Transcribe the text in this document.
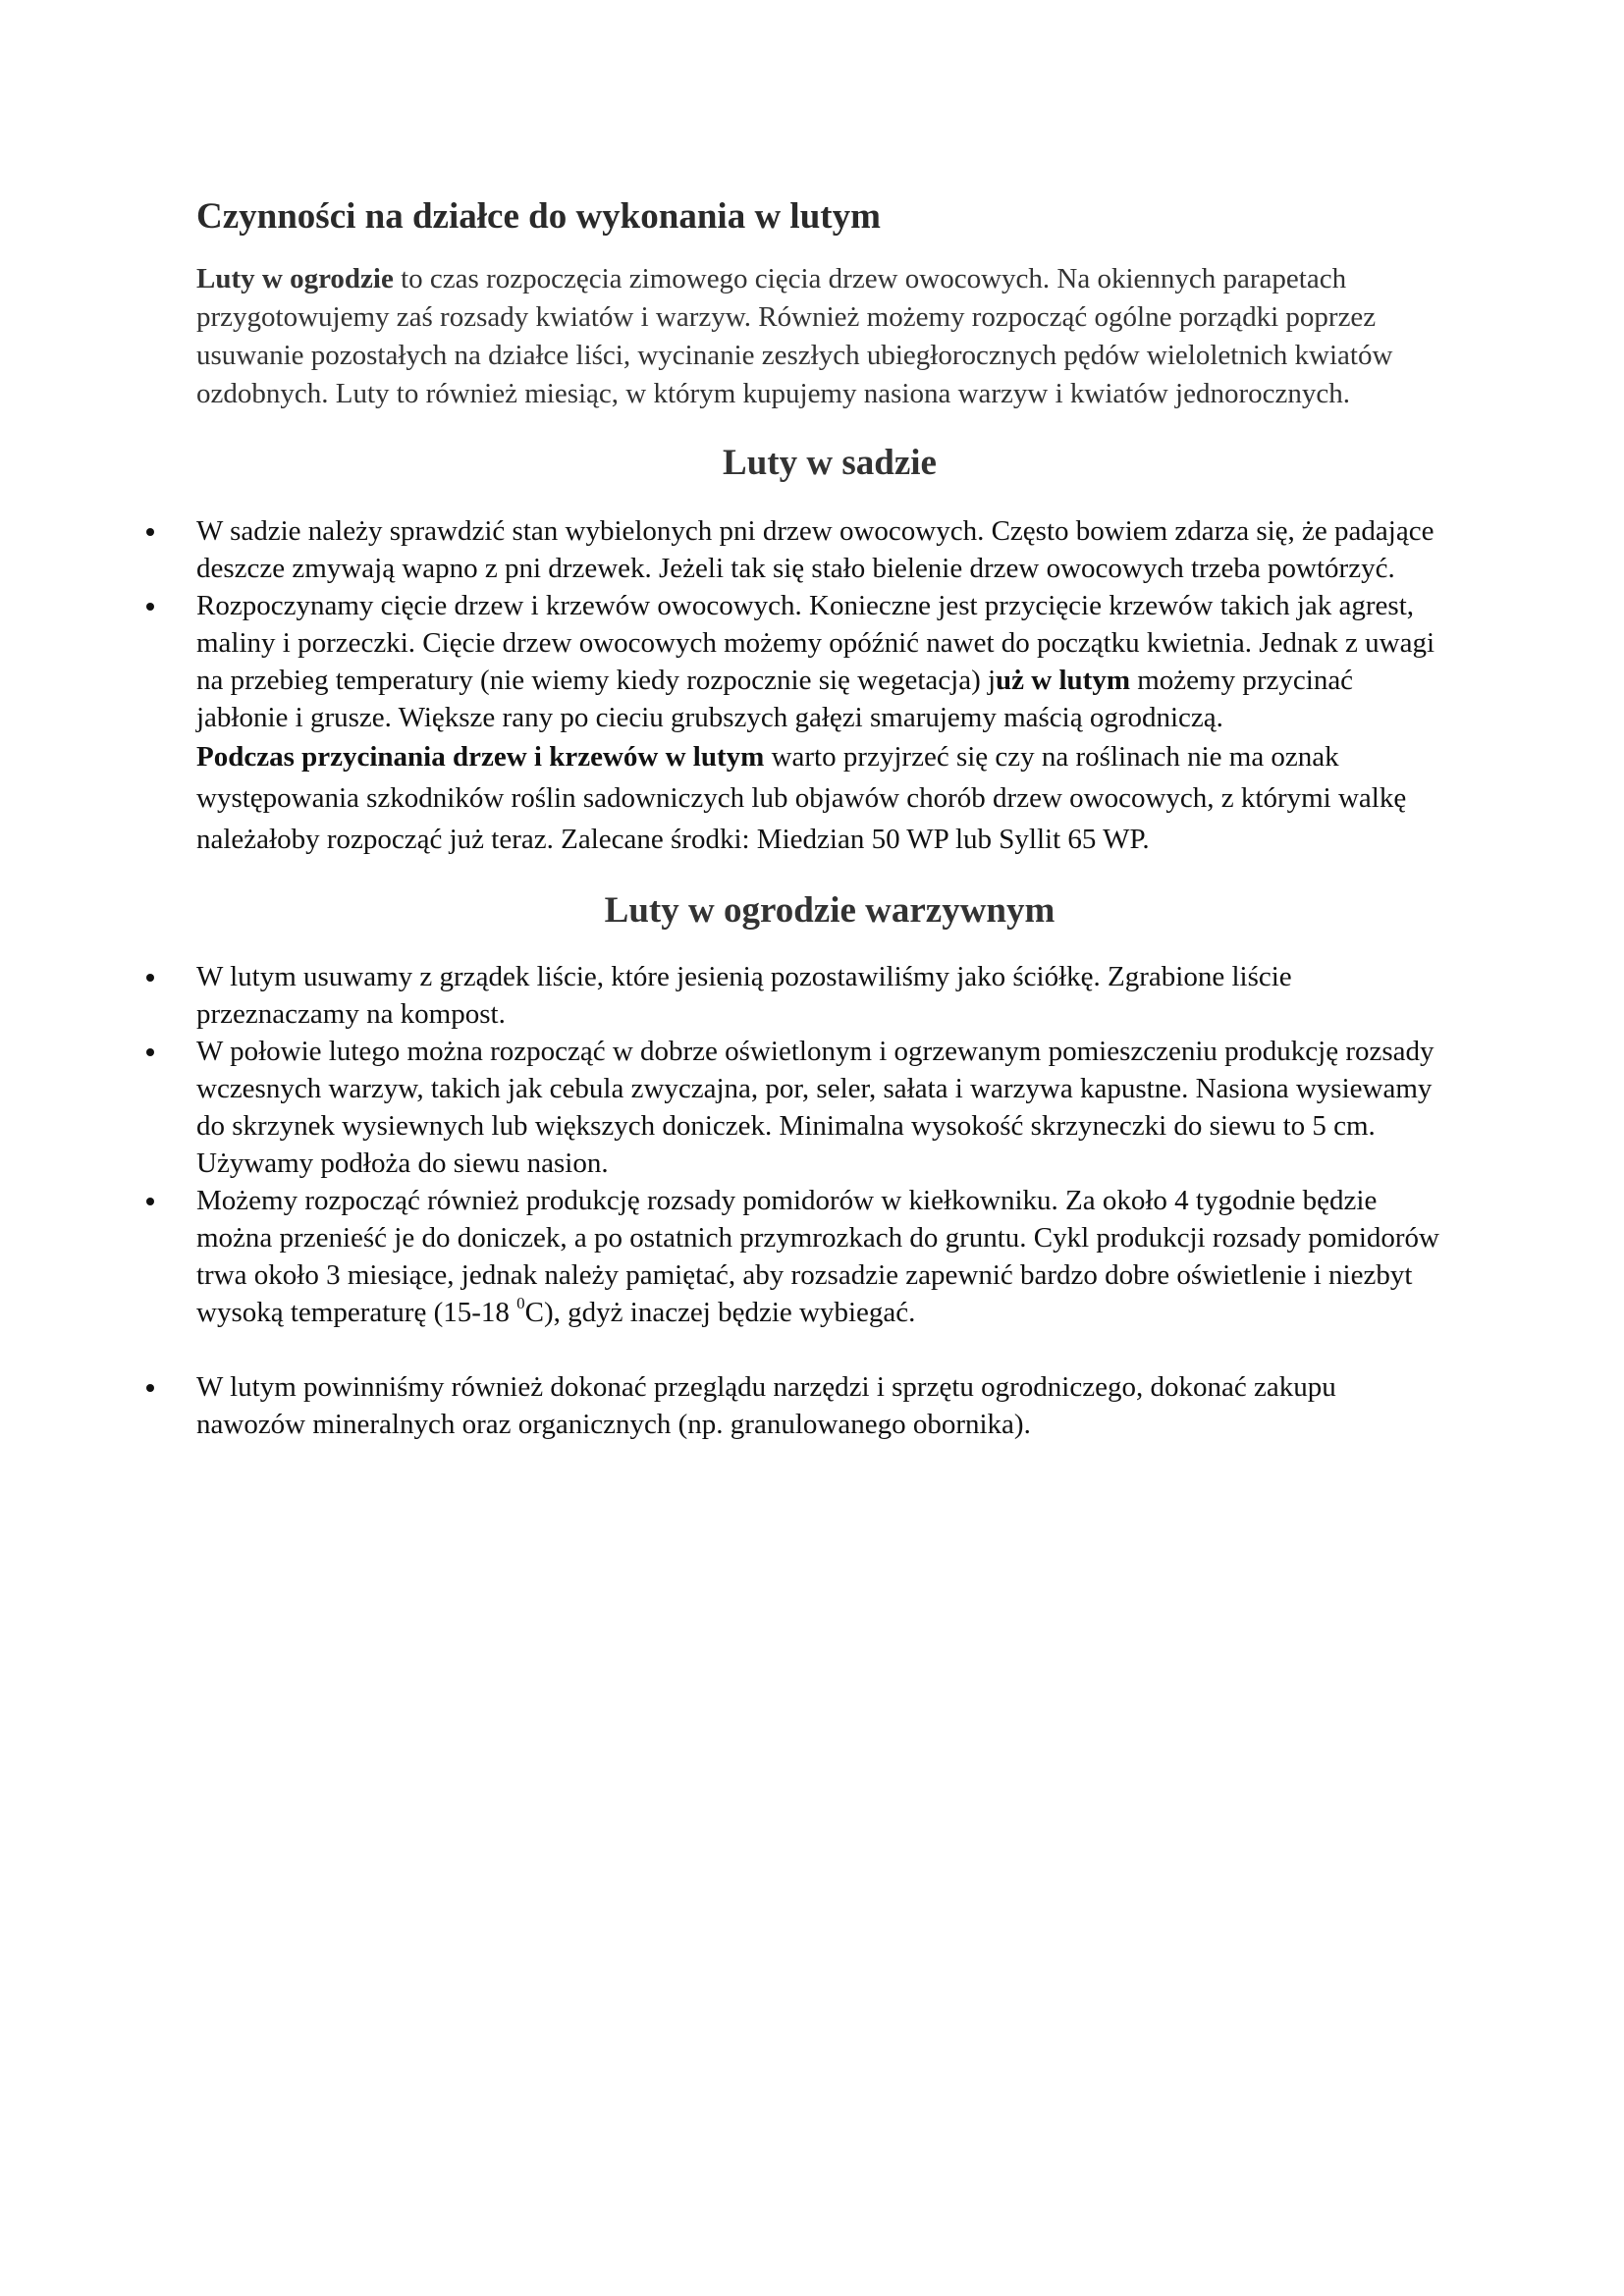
Czynności na działce do wykonania w lutym

Luty w ogrodzie to czas rozpoczęcia zimowego cięcia drzew owocowych. Na okiennych parapetach przygotowujemy zaś rozsady kwiatów i warzyw. Również możemy rozpocząć ogólne porządki poprzez usuwanie pozostałych na działce liści, wycinanie zeszłych ubiegłorocznych pędów wieloletnich kwiatów ozdobnych. Luty to również miesiąc, w którym kupujemy nasiona warzyw i kwiatów jednorocznych.

Luty w sadzie
W sadzie należy sprawdzić stan wybielonych pni drzew owocowych. Często bowiem zdarza się, że padające deszcze zmywają wapno z pni drzewek. Jeżeli tak się stało bielenie drzew owocowych trzeba powtórzyć.
Rozpoczynamy cięcie drzew i krzewów owocowych. Konieczne jest przycięcie krzewów takich jak agrest, maliny i porzeczki. Cięcie drzew owocowych możemy opóźnić nawet do początku kwietnia. Jednak z uwagi na przebieg temperatury (nie wiemy kiedy rozpocznie się wegetacja) już w lutym możemy przycinać jabłonie i grusze. Większe rany po cieciu grubszych gałęzi smarujemy maścią ogrodniczą.
Podczas przycinania drzew i krzewów w lutym warto przyjrzeć się czy na roślinach nie ma oznak występowania szkodników roślin sadowniczych lub objawów chorób drzew owocowych, z którymi walkę należałoby rozpocząć już teraz. Zalecane środki: Miedzian 50 WP lub Syllit 65 WP.
Luty w ogrodzie warzywnym
W lutym usuwamy z grządek liście, które jesienią pozostawiliśmy jako ściółkę. Zgrabione liście przeznaczamy na kompost.
W połowie lutego można rozpocząć w dobrze oświetlonym i ogrzewanym pomieszczeniu produkcję rozsady wczesnych warzyw, takich jak cebula zwyczajna, por, seler, sałata i warzywa kapustne. Nasiona wysiewamy do skrzynek wysiewnych lub większych doniczek. Minimalna wysokość skrzyneczki do siewu to 5 cm. Używamy podłoża do siewu nasion.
Możemy rozpocząć również produkcję rozsady pomidorów w kiełkowniku. Za około 4 tygodnie będzie można przenieść je do doniczek, a po ostatnich przymrozkach do gruntu. Cykl produkcji rozsady pomidorów trwa około 3 miesiące, jednak należy pamiętać, aby rozsadzie zapewnić bardzo dobre oświetlenie i niezbyt wysoką temperaturę (15-18 $^0$C), gdyż inaczej będzie wybiegać.
W lutym powinniśmy również dokonać przeglądu narzędzi i sprzętu ogrodniczego, dokonać zakupu nawozów mineralnych oraz organicznych (np. granulowanego obornika).
